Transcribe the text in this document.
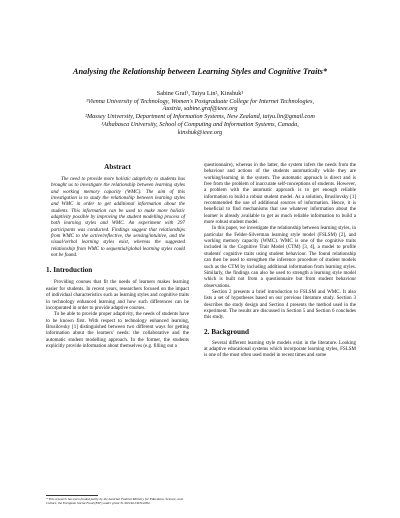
Analysing the Relationship between Learning Styles and Cognitive Traits*

Sabine Graf¹, Taiyu Lin², Kinshuk³

¹Vienna University of Technology, Women's Postgraduate College for Internet Technologies,

Austria, sabine.graf@ieee.org

²Massey University, Department of Information Systems, New Zealand, taiyu.lin@gmail.com

³Athabasca University, School of Computing and Information Systems, Canada,

kinshuk@ieee.org

Abstract

The need to provide more holistic adaptivity to students has brought us to investigate the relationship between learning styles and working memory capacity (WMC). The aim of this investigation is to study the relationship between learning styles and WMC in order to get additional information about the students. This information can be used to make more holistic adaptivity possible by improving the student modelling process of both learning styles and WMC. An experiment with 297 participants was conducted. Findings suggest that relationships from WMC to the active/reflective, the sensing/intuitive, and the visual/verbal learning styles exist, whereas the suggested relationship from WMC to sequential/global learning styles could not be found.

1. Introduction

Providing courses that fit the needs of learners makes learning easier for students. In recent years, researchers focused on the impact of individual characteristics such as learning styles and cognitive traits in technology enhanced learning and how such differences can be incorporated in order to provide adaptive courses.

To be able to provide proper adaptivity, the needs of students have to be known first. With respect to technology enhanced learning, Brusilovsky [1] distinguished between two different ways for getting information about the learners' needs: the collaborative and the automatic student modelling approach. In the former, the students explicitly provide information about themselves (e.g. filling out a

questionnaire), whereas in the latter, the system infers the needs from the behaviour and actions of the students automatically while they are working/learning in the system. The automatic approach is direct and is free from the problem of inaccurate self-conceptions of students. However, a problem with the automatic approach is to get enough reliable information to build a robust student model. As a solution, Brusilovsky [1] recommended the use of additional sources of information. Hence, it is beneficial to find mechanisms that use whatever information about the learner is already available to get as much reliable information to build a more robust student model.

In this paper, we investigate the relationship between learning styles, in particular the Felder-Silverman learning style model (FSLSM) [2], and working memory capacity (WMC). WMC is one of the cognitive traits included in the Cognitive Trait Model (CTM) [3, 4], a model to profile students' cognitive traits using student behaviour. The found relationship can then be used to strengthen the inference procedure of student models such as the CTM by including additional information from learning styles. Similarly, the findings can also be used to strength a learning style model which is built not from a questionnaire but from student behaviour observations.

Section 2 presents a brief introduction to FSLSM and WMC. It also lists a set of hypotheses based on our previous literature study. Section 3 describes the study design and Section 4 presents the method used in the experiment. The results are discussed in Section 5 and Section 6 concludes this study.

2. Background

Several different learning style models exist in the literature. Looking at adaptive educational systems which incorporate learning styles, FSLSM is one of the most often used model in recent times and some

* This research has been funded partly by the Austrian Federal Ministry for Education, Science, and Culture, the European Social Fund (ESF) under grant 31.963/46-VII/9/2002.
